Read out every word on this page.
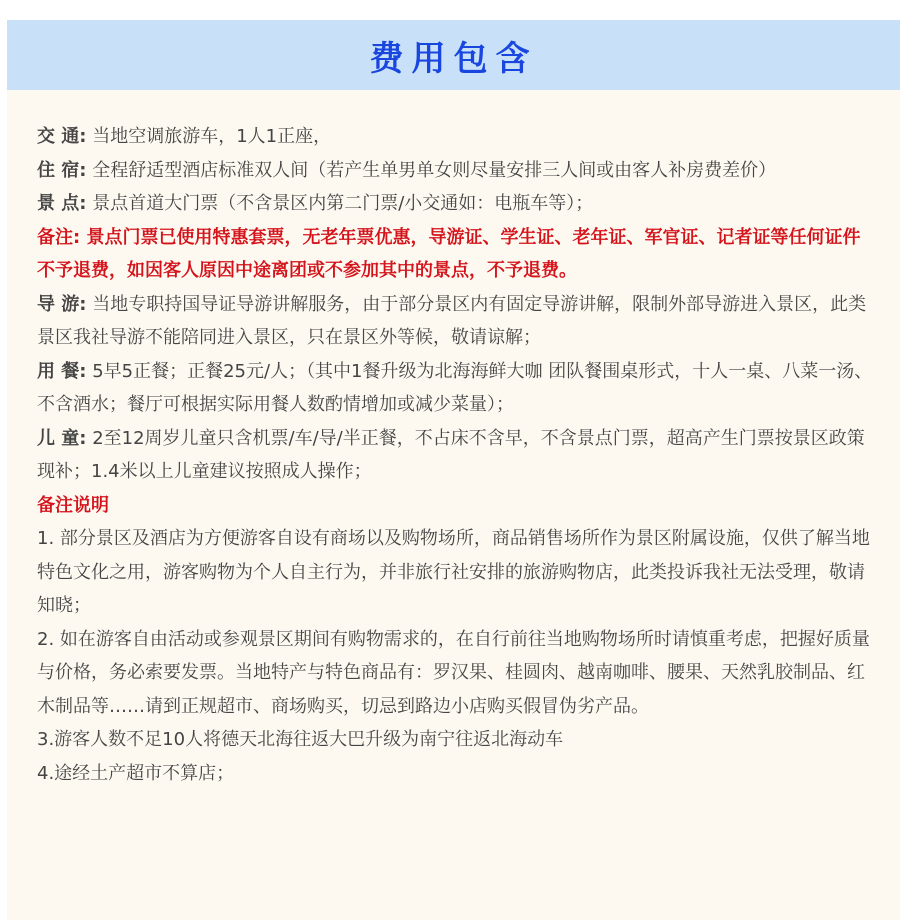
费用包含

交 通: 当地空调旅游车，1人1正座，

住 宿: 全程舒适型酒店标准双人间（若产生单男单女则尽量安排三人间或由客人补房费差价）

景 点: 景点首道大门票（不含景区内第二门票/小交通如：电瓶车等）；

备注: 景点门票已使用特惠套票，无老年票优惠，导游证、学生证、老年证、军官证、记者证等任何证件不予退费，如因客人原因中途离团或不参加其中的景点，不予退费。

导 游: 当地专职持国导证导游讲解服务，由于部分景区内有固定导游讲解，限制外部导游进入景区，此类景区我社导游不能陪同进入景区，只在景区外等候，敬请谅解；

用 餐: 5早5正餐；正餐25元/人；（其中1餐升级为北海海鲜大咖 团队餐围桌形式，十人一桌、八菜一汤、不含酒水；餐厅可根据实际用餐人数酌情增加或减少菜量）；

儿 童: 2至12周岁儿童只含机票/车/导/半正餐，不占床不含早，不含景点门票，超高产生门票按景区政策现补；1.4米以上儿童建议按照成人操作；

备注说明

1. 部分景区及酒店为方便游客自设有商场以及购物场所，商品销售场所作为景区附属设施，仅供了解当地特色文化之用，游客购物为个人自主行为，并非旅行社安排的旅游购物店，此类投诉我社无法受理，敬请知晓；

2. 如在游客自由活动或参观景区期间有购物需求的，在自行前往当地购物场所时请慎重考虑，把握好质量与价格，务必索要发票。当地特产与特色商品有：罗汉果、桂圆肉、越南咖啡、腰果、天然乳胶制品、红木制品等……请到正规超市、商场购买，切忌到路边小店购买假冒伪劣产品。

3.游客人数不足10人将德天北海往返大巴升级为南宁往返北海动车

4.途经土产超市不算店；
